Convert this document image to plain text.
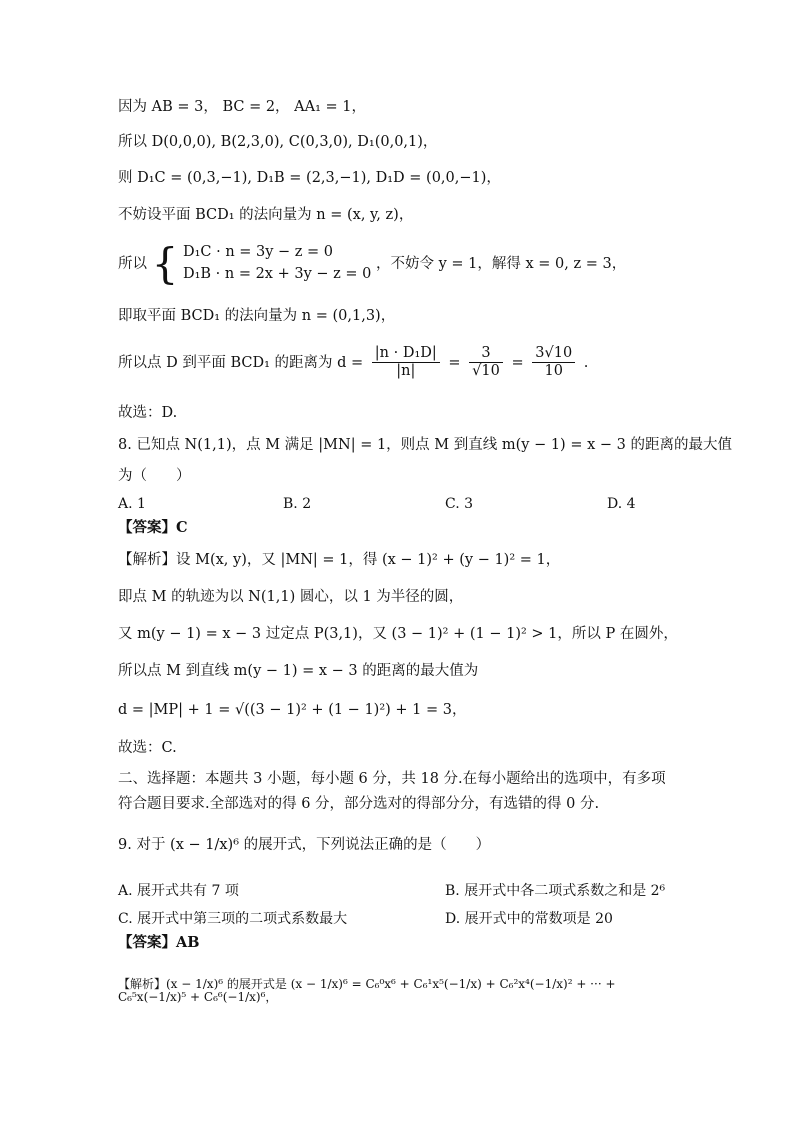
因为 AB = 3， BC = 2， AA₁ = 1，
所以 D(0,0,0), B(2,3,0), C(0,3,0), D₁(0,0,1)，
则 D₁C = (0,3,−1), D₁B = (2,3,−1), D₁D = (0,0,−1)，
不妨设平面 BCD₁ 的法向量为 n = (x, y, z)，
所以 { D₁C · n = 3y − z = 0
D₁B · n = 2x + 3y − z = 0
，不妨令 y = 1，解得 x = 0, z = 3，
即取平面 BCD₁ 的法向量为 n = (0,1,3)，
所以点 D 到平面 BCD₁ 的距离为 $d = \frac{\text{|n · D₁D|}}{|n|} = \frac{3}{√10} = \frac{3√10}{10}$ .
故选：D.
8. 已知点 N(1,1)，点 M 满足 |MN| = 1，则点 M 到直线 m(y − 1) = x − 3 的距离的最大值
为（　　）
A. 1	B. 2	C. 3	D. 4
【答案】C
【解析】设 M(x, y)，又 |MN| = 1，得 (x − 1)² + (y − 1)² = 1，
即点 M 的轨迹为以 N(1,1) 圆心，以 1 为半径的圆，
又 m(y − 1) = x − 3 过定点 P(3,1)，又 (3 − 1)² + (1 − 1)² > 1，所以 P 在圆外，
所以点 M 到直线 m(y − 1) = x − 3 的距离的最大值为
d = |MP| + 1 = √((3 − 1)² + (1 − 1)²) + 1 = 3，
故选：C.
二、选择题：本题共 3 小题，每小题 6 分，共 18 分.在每小题给出的选项中，有多项符合题目要求.全部选对的得 6 分，部分选对的得部分分，有选错的得 0 分.
9. 对于 (x − 1/x)⁶ 的展开式，下列说法正确的是（　　）
A. 展开式共有 7 项	B. 展开式中各二项式系数之和是 2⁶
C. 展开式中第三项的二项式系数最大	D. 展开式中的常数项是 20
【答案】AB
【解析】(x − 1/x)⁶ 的展开式是 (x − 1/x)⁶ = C₆⁰x⁶ + C₆¹x⁵(−1/x) + C₆²x⁴(−1/x)² + ··· + C₆⁵x(−1/x)⁵ + C₆⁶(−1/x)⁶，
